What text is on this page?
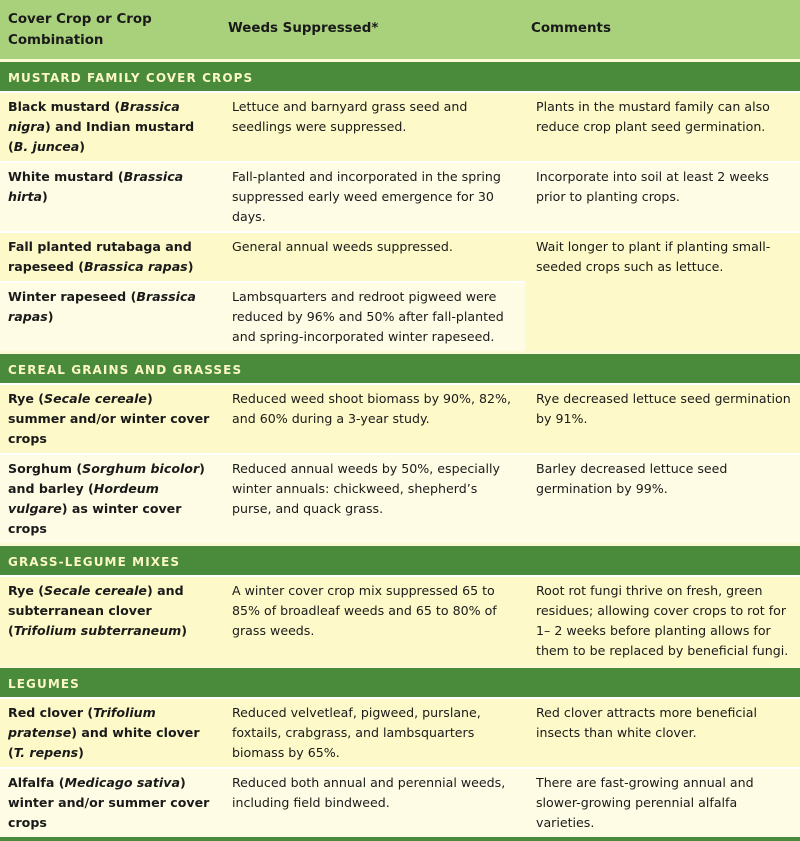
Cover Crop or Crop Combination	Weeds Suppressed*	Comments
MUSTARD FAMILY COVER CROPS		
Black mustard (Brassica nigra) and Indian mustard (B. juncea)	Lettuce and barnyard grass seed and seedlings were suppressed.	Plants in the mustard family can also reduce crop plant seed germination.
White mustard (Brassica hirta)	Fall-planted and incorporated in the spring suppressed early weed emergence for 30 days.	Incorporate into soil at least 2 weeks prior to planting crops.
Fall planted rutabaga and rapeseed (Brassica rapas)	General annual weeds suppressed.	Wait longer to plant if planting small-seeded crops such as lettuce.
Winter rapeseed (Brassica rapas)	Lambsquarters and redroot pigweed were reduced by 96% and 50% after fall-planted and spring-incorporated winter rapeseed.	
CEREAL GRAINS AND GRASSES		
Rye (Secale cereale) summer and/or winter cover crops	Reduced weed shoot biomass by 90%, 82%, and 60% during a 3-year study.	Rye decreased lettuce seed germination by 91%.
Sorghum (Sorghum bicolor) and barley (Hordeum vulgare) as winter cover crops	Reduced annual weeds by 50%, especially winter annuals: chickweed, shepherd’s purse, and quack grass.	Barley decreased lettuce seed germination by 99%.
GRASS-LEGUME MIXES		
Rye (Secale cereale) and subterranean clover (Trifolium subterraneum)	A winter cover crop mix suppressed 65 to 85% of broadleaf weeds and 65 to 80% of grass weeds.	Root rot fungi thrive on fresh, green residues; allowing cover crops to rot for 1– 2 weeks before planting allows for them to be replaced by beneficial fungi.
LEGUMES		
Red clover (Trifolium pratense) and white clover (T. repens)	Reduced velvetleaf, pigweed, purslane, foxtails, crabgrass, and lambsquarters biomass by 65%.	Red clover attracts more beneficial insects than white clover.
Alfalfa (Medicago sativa) winter and/or summer cover crops	Reduced both annual and perennial weeds, including field bindweed.	There are fast-growing annual and slower-growing perennial alfalfa varieties.
